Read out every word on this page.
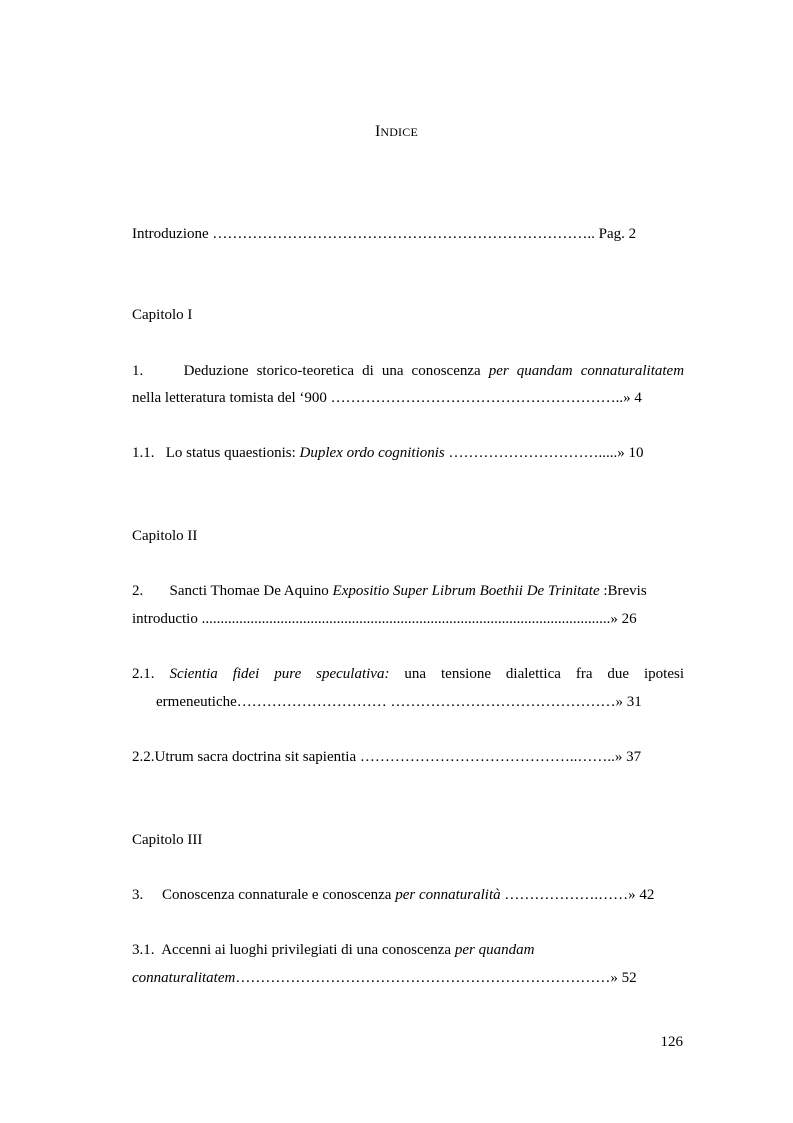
INDICE
Introduzione ………………………………………………………………….. Pag. 2
Capitolo I
1.	Deduzione storico-teoretica di una conoscenza per quandam connaturalitatem
nella letteratura tomista del ‘900 …………………………………………………..» 4
1.1. Lo status quaestionis: Duplex ordo cognitionis ………………………….....» 10
Capitolo II
2. Sancti Thomae De Aquino Expositio Super Librum Boethii De Trinitate :Brevis
introductio .............................................................................................................» 26
2.1. Scientia fidei pure speculativa: una tensione dialettica fra due ipotesi
ermeneutiche………………………… ………………………………………» 31
2.2.Utrum sacra doctrina sit sapientia ……………………………………..……..» 37
Capitolo III
3. Conoscenza connaturale e conoscenza per connaturalità ……………….……» 42
3.1. Accenni ai luoghi privilegiati di una conoscenza per quandam
connaturalitatem…………………………………………………………………» 52
126
